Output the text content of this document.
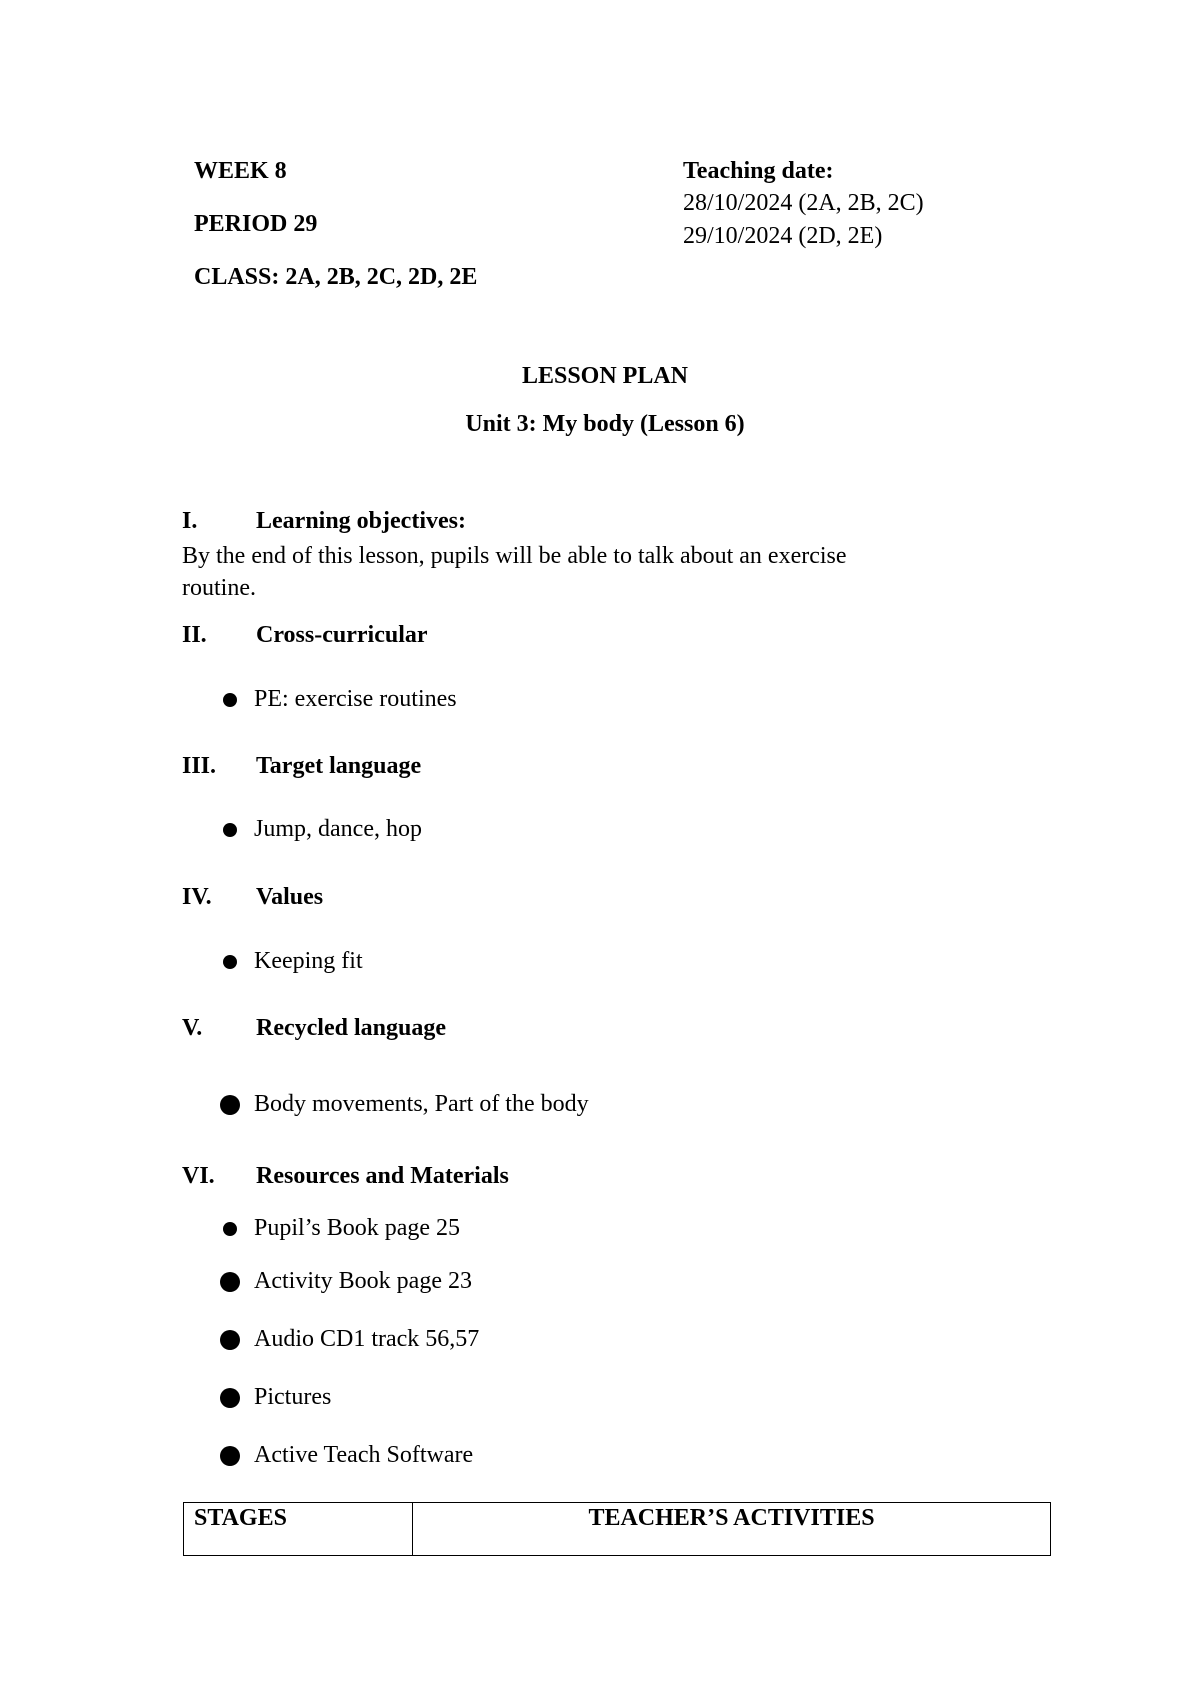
WEEK 8
PERIOD 29
CLASS: 2A, 2B, 2C, 2D, 2E
Teaching date:
28/10/2024 (2A, 2B, 2C)
29/10/2024 (2D, 2E)
LESSON PLAN
Unit 3: My body (Lesson 6)
I. Learning objectives:
By the end of this lesson, pupils will be able to talk about an exercise
routine.
II. Cross-curricular
PE: exercise routines
III. Target language
Jump, dance, hop
IV. Values
Keeping fit
V. Recycled language
Body movements, Part of the body
VI. Resources and Materials
Pupil’s Book page 25
Activity Book page 23
Audio CD1 track 56,57
Pictures
Active Teach Software
STAGES	TEACHER’S ACTIVITIES
